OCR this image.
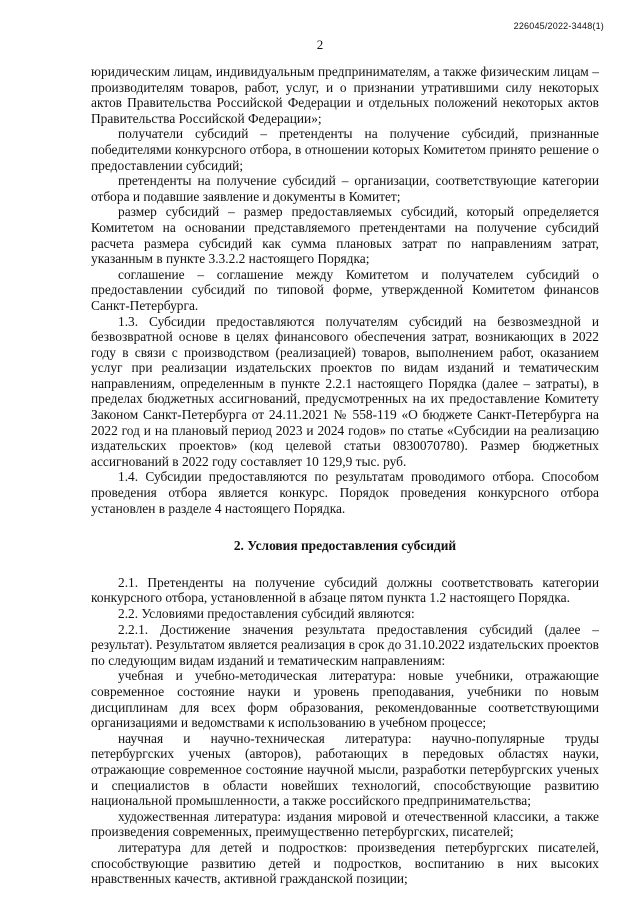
226045/2022-3448(1)
2

юридическим лицам, индивидуальным предпринимателям, а также физическим лицам – производителям товаров, работ, услуг, и о признании утратившими силу некоторых актов Правительства Российской Федерации и отдельных положений некоторых актов Правительства Российской Федерации»;

получатели субсидий – претенденты на получение субсидий, признанные победителями конкурсного отбора, в отношении которых Комитетом принято решение о предоставлении субсидий;

претенденты на получение субсидий – организации, соответствующие категории отбора и подавшие заявление и документы в Комитет;

размер субсидий – размер предоставляемых субсидий, который определяется Комитетом на основании представляемого претендентами на получение субсидий расчета размера субсидий как сумма плановых затрат по направлениям затрат, указанным в пункте 3.3.2.2 настоящего Порядка;

соглашение – соглашение между Комитетом и получателем субсидий о предоставлении субсидий по типовой форме, утвержденной Комитетом финансов Санкт-Петербурга.

1.3. Субсидии предоставляются получателям субсидий на безвозмездной и безвозвратной основе в целях финансового обеспечения затрат, возникающих в 2022 году в связи с производством (реализацией) товаров, выполнением работ, оказанием услуг при реализации издательских проектов по видам изданий и тематическим направлениям, определенным в пункте 2.2.1 настоящего Порядка (далее – затраты), в пределах бюджетных ассигнований, предусмотренных на их предоставление Комитету Законом Санкт-Петербурга от 24.11.2021 № 558-119 «О бюджете Санкт-Петербурга на 2022 год и на плановый период 2023 и 2024 годов» по статье «Субсидии на реализацию издательских проектов» (код целевой статьи 0830070780). Размер бюджетных ассигнований в 2022 году составляет 10 129,9 тыс. руб.

1.4. Субсидии предоставляются по результатам проводимого отбора. Способом проведения отбора является конкурс. Порядок проведения конкурсного отбора установлен в разделе 4 настоящего Порядка.

2. Условия предоставления субсидий

2.1. Претенденты на получение субсидий должны соответствовать категории конкурсного отбора, установленной в абзаце пятом пункта 1.2 настоящего Порядка.

2.2. Условиями предоставления субсидий являются:

2.2.1. Достижение значения результата предоставления субсидий (далее – результат). Результатом является реализация в срок до 31.10.2022 издательских проектов по следующим видам изданий и тематическим направлениям:

учебная и учебно-методическая литература: новые учебники, отражающие современное состояние науки и уровень преподавания, учебники по новым дисциплинам для всех форм образования, рекомендованные соответствующими организациями и ведомствами к использованию в учебном процессе;

научная и научно-техническая литература: научно-популярные труды петербургских ученых (авторов), работающих в передовых областях науки, отражающие современное состояние научной мысли, разработки петербургских ученых и специалистов в области новейших технологий, способствующие развитию национальной промышленности, а также российского предпринимательства;

художественная литература: издания мировой и отечественной классики, а также произведения современных, преимущественно петербургских, писателей;

литература для детей и подростков: произведения петербургских писателей, способствующие развитию детей и подростков, воспитанию в них высоких нравственных качеств, активной гражданской позиции;
